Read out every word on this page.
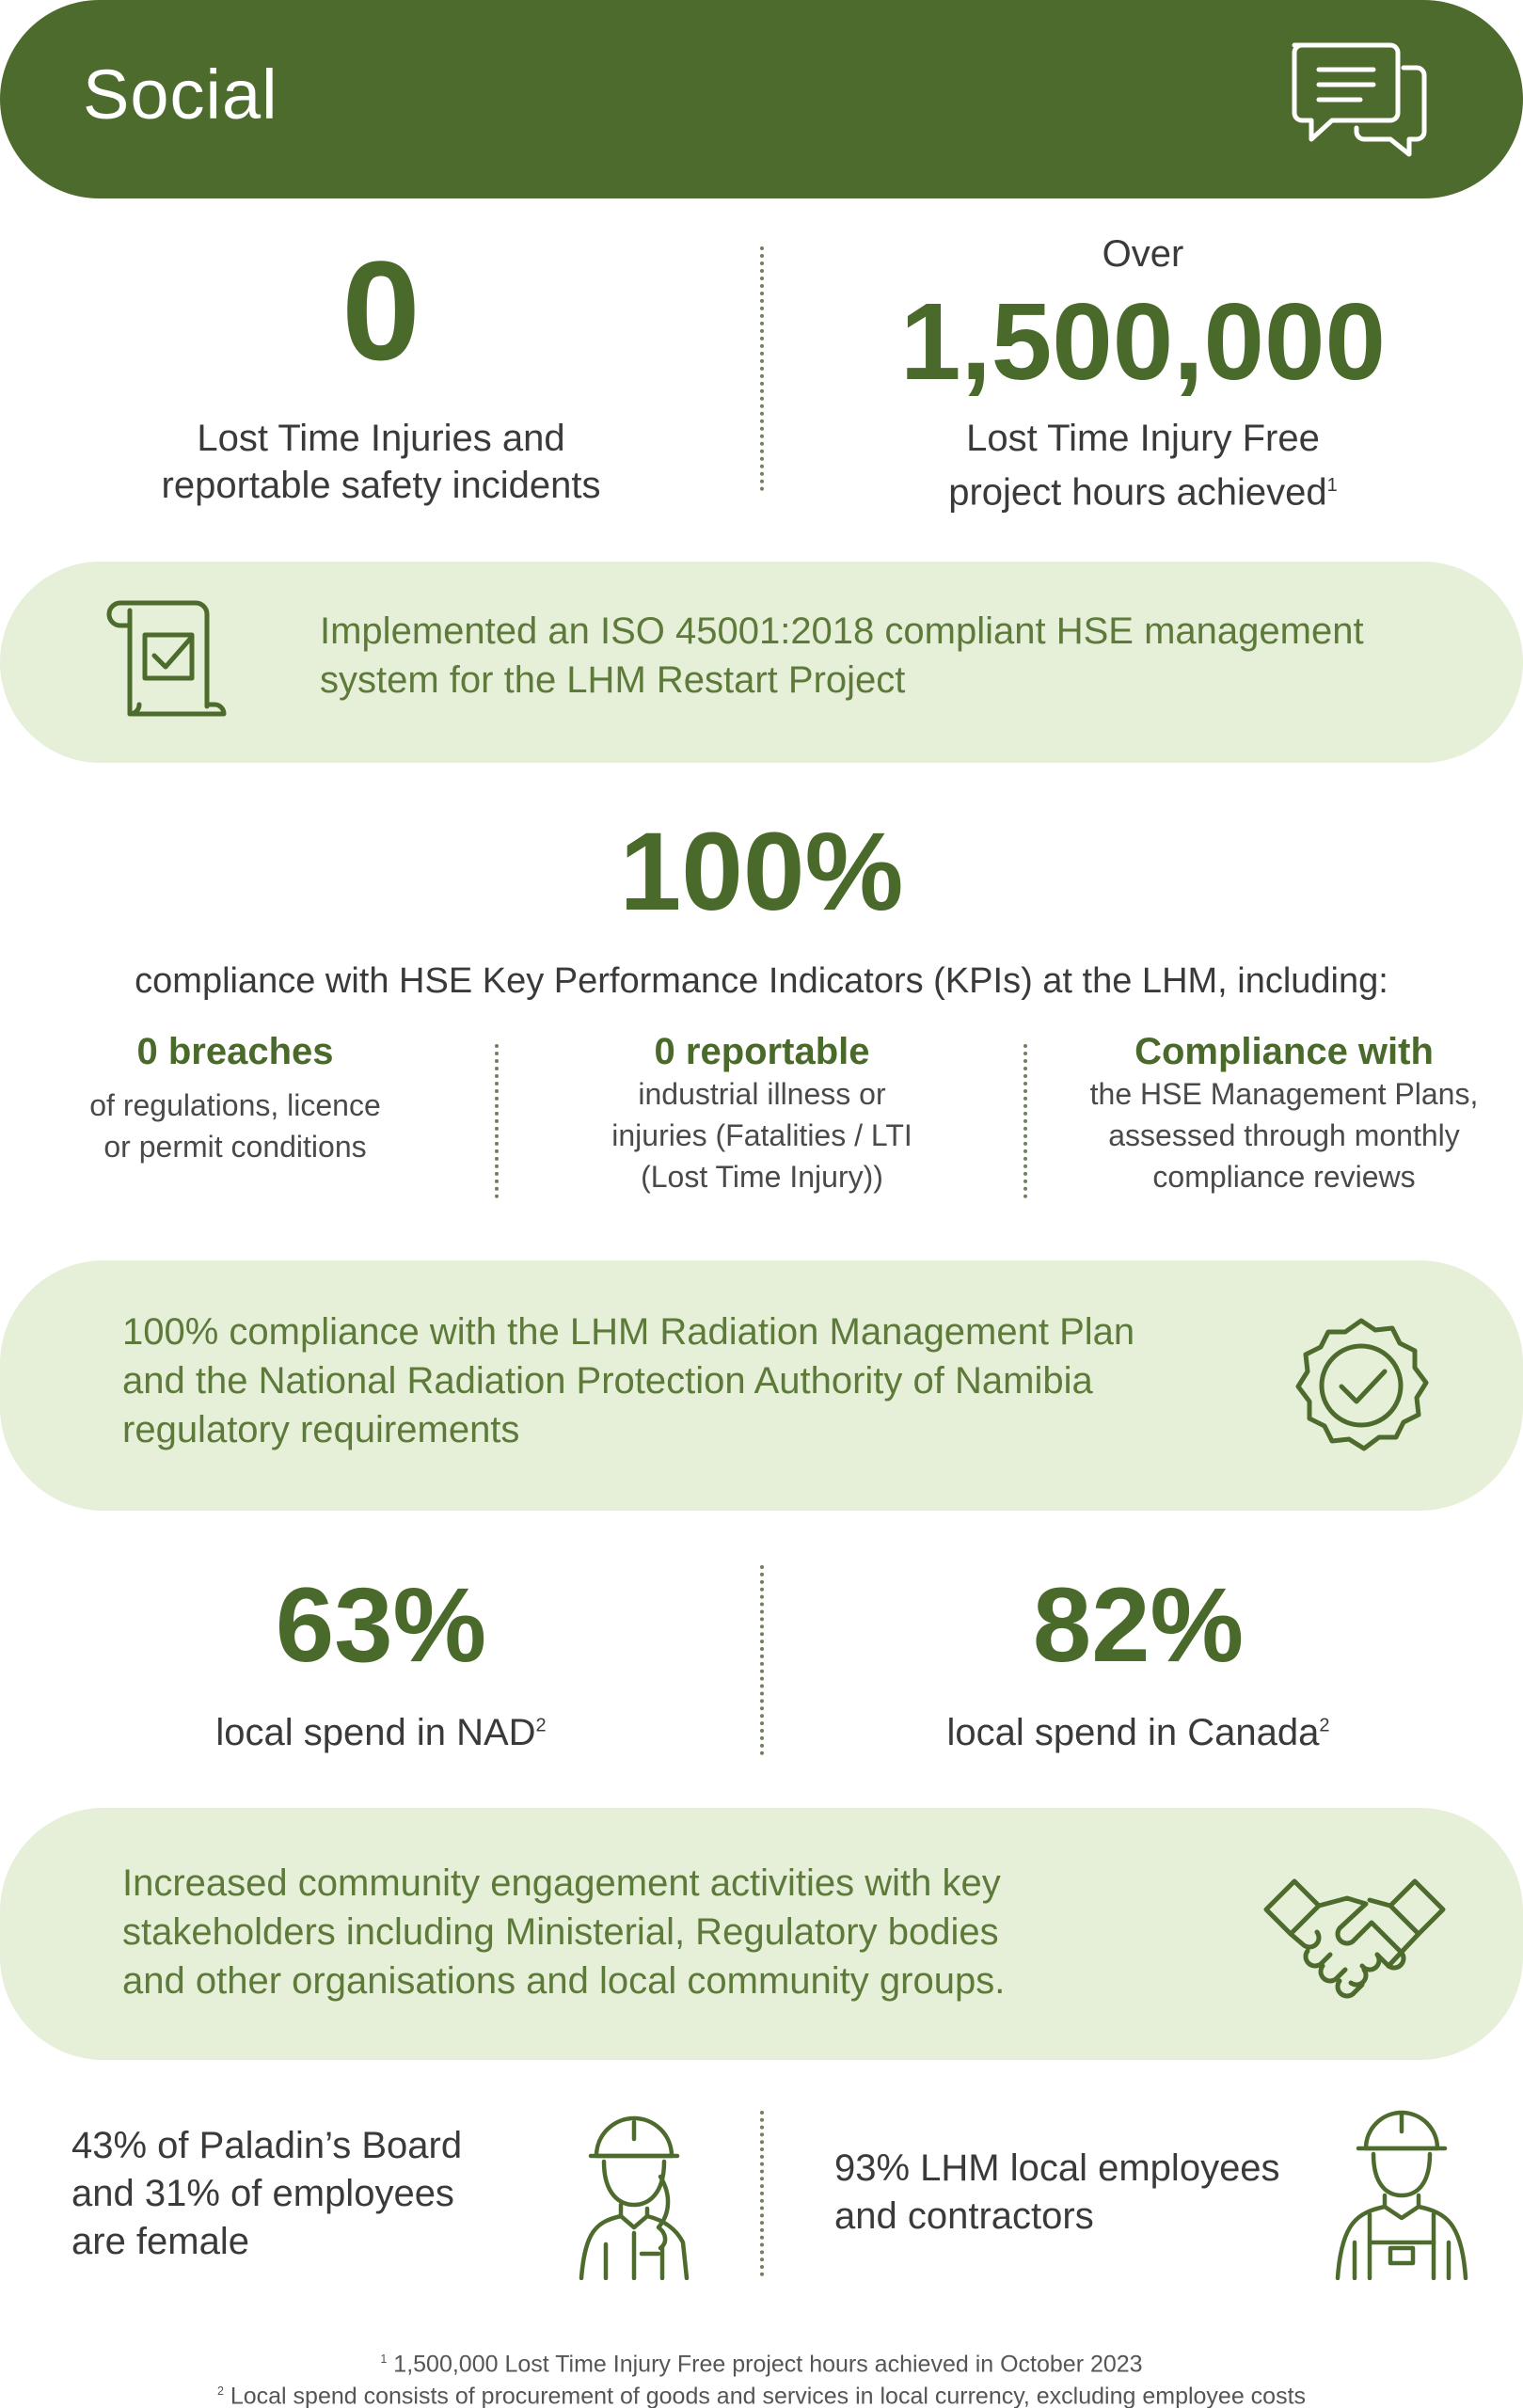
Social
0
Lost Time Injuries and
reportable safety incidents
Over
1,500,000
Lost Time Injury Free
project hours achieved$^1$
Implemented an ISO 45001:2018 compliant HSE management
system for the LHM Restart Project
100%
compliance with HSE Key Performance Indicators (KPIs) at the LHM, including:
0 breaches
of regulations, licence
or permit conditions
0 reportable
industrial illness or
injuries (Fatalities / LTI
(Lost Time Injury))
Compliance with
the HSE Management Plans,
assessed through monthly
compliance reviews
100% compliance with the LHM Radiation Management Plan
and the National Radiation Protection Authority of Namibia
regulatory requirements
63%
local spend in NAD$^2$
82%
local spend in Canada$^2$
Increased community engagement activities with key
stakeholders including Ministerial, Regulatory bodies
and other organisations and local community groups.
43% of Paladin’s Board
and 31% of employees
are female
93% LHM local employees
and contractors
$^1$ 1,500,000 Lost Time Injury Free project hours achieved in October 2023
$^2$ Local spend consists of procurement of goods and services in local currency, excluding employee costs
